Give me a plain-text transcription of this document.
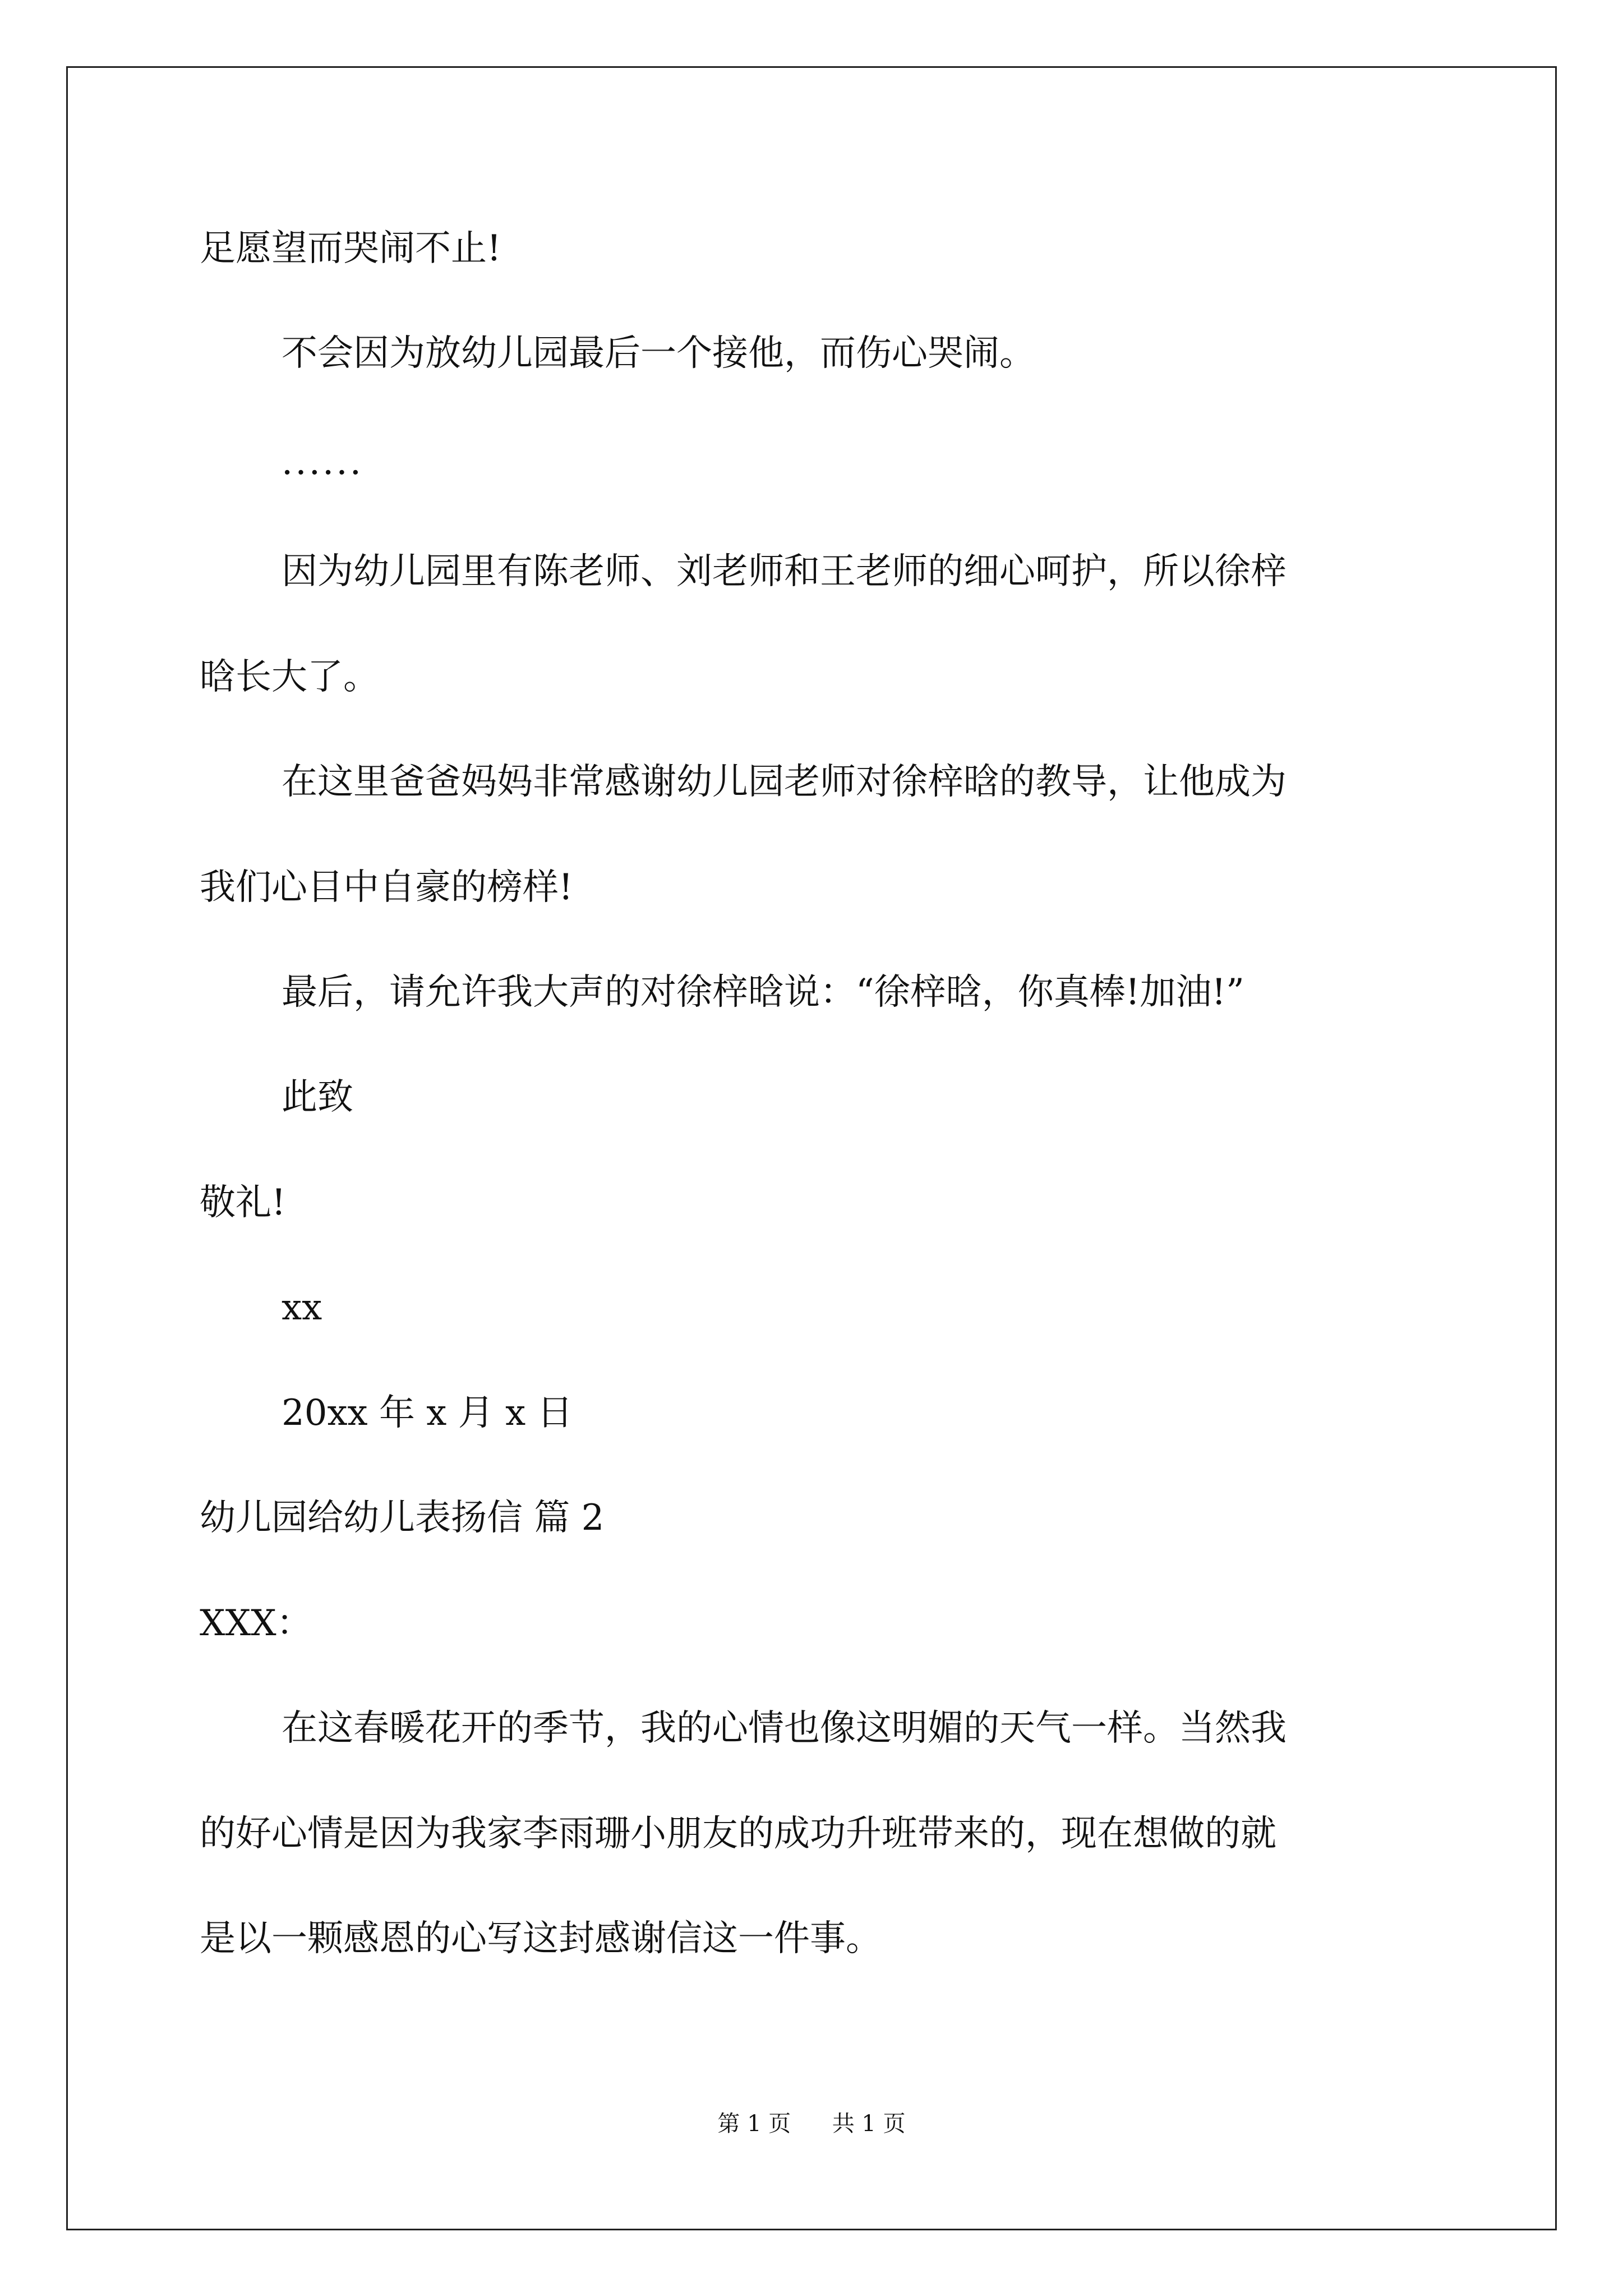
足愿望而哭闹不止!
不会因为放幼儿园最后一个接他，而伤心哭闹。
······
因为幼儿园里有陈老师、刘老师和王老师的细心呵护，所以徐梓
晗长大了。
在这里爸爸妈妈非常感谢幼儿园老师对徐梓晗的教导，让他成为
我们心目中自豪的榜样!
最后，请允许我大声的对徐梓晗说：“徐梓晗，你真棒!加油!”
此致
敬礼!
xx
20xx 年 x 月 x 日
幼儿园给幼儿表扬信 篇 2
XXX：
在这春暖花开的季节，我的心情也像这明媚的天气一样。当然我
的好心情是因为我家李雨珊小朋友的成功升班带来的，现在想做的就
是以一颗感恩的心写这封感谢信这一件事。
第 1 页 共 1 页
